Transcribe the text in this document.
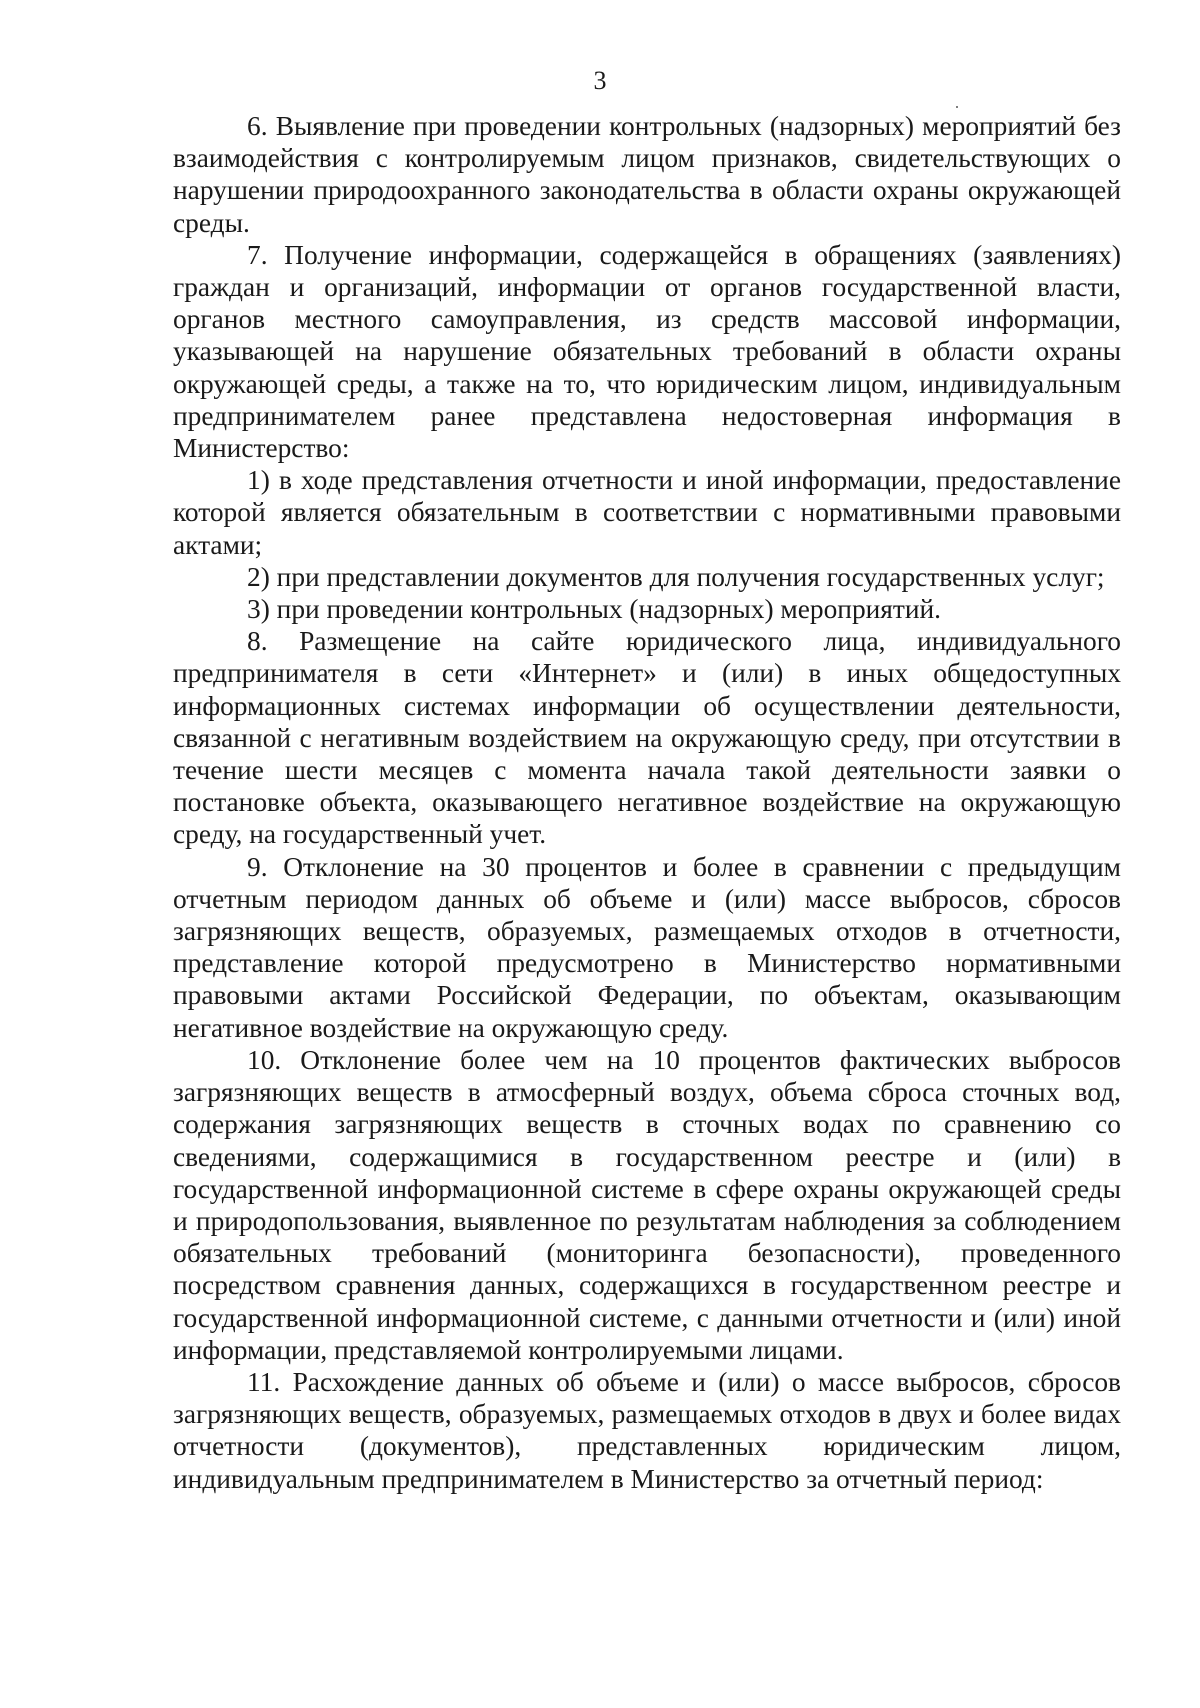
3

6. Выявление при проведении контрольных (надзорных) мероприятий без взаимодействия с контролируемым лицом признаков, свидетельствующих о нарушении природоохранного законодательства в области охраны окружающей среды.

7. Получение информации, содержащейся в обращениях (заявлениях) граждан и организаций, информации от органов государственной власти, органов местного самоуправления, из средств массовой информации, указывающей на нарушение обязательных требований в области охраны окружающей среды, а также на то, что юридическим лицом, индивидуальным предпринимателем ранее представлена недостоверная информация в Министерство:

1) в ходе представления отчетности и иной информации, предоставление которой является обязательным в соответствии с нормативными правовыми актами;

2) при представлении документов для получения государственных услуг;

3) при проведении контрольных (надзорных) мероприятий.

8. Размещение на сайте юридического лица, индивидуального предпринимателя в сети «Интернет» и (или) в иных общедоступных информационных системах информации об осуществлении деятельности, связанной с негативным воздействием на окружающую среду, при отсутствии в течение шести месяцев с момента начала такой деятельности заявки о постановке объекта, оказывающего негативное воздействие на окружающую среду, на государственный учет.

9. Отклонение на 30 процентов и более в сравнении с предыдущим отчетным периодом данных об объеме и (или) массе выбросов, сбросов загрязняющих веществ, образуемых, размещаемых отходов в отчетности, представление которой предусмотрено в Министерство нормативными правовыми актами Российской Федерации, по объектам, оказывающим негативное воздействие на окружающую среду.

10. Отклонение более чем на 10 процентов фактических выбросов загрязняющих веществ в атмосферный воздух, объема сброса сточных вод, содержания загрязняющих веществ в сточных водах по сравнению со сведениями, содержащимися в государственном реестре и (или) в государственной информационной системе в сфере охраны окружающей среды и природопользования, выявленное по результатам наблюдения за соблюдением обязательных требований (мониторинга безопасности), проведенного посредством сравнения данных, содержащихся в государственном реестре и государственной информационной системе, с данными отчетности и (или) иной информации, представляемой контролируемыми лицами.

11. Расхождение данных об объеме и (или) о массе выбросов, сбросов загрязняющих веществ, образуемых, размещаемых отходов в двух и более видах отчетности (документов), представленных юридическим лицом, индивидуальным предпринимателем в Министерство за отчетный период:
